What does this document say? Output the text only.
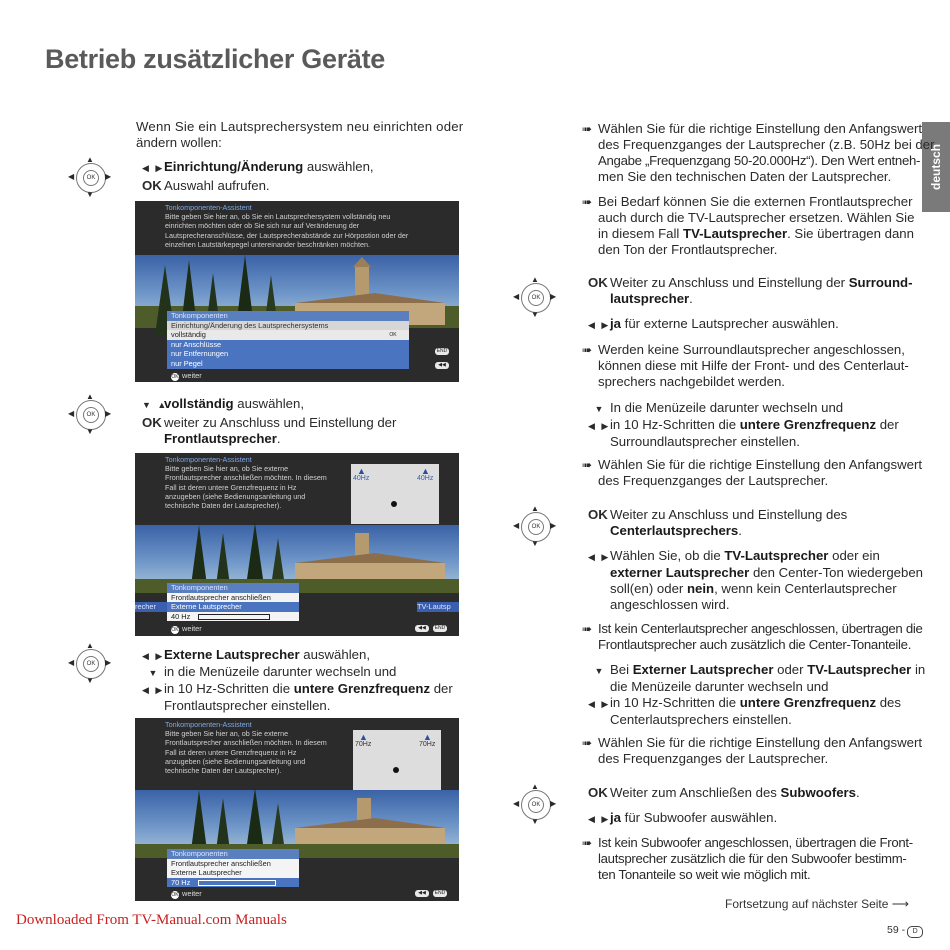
Betrieb zusätzlicher Geräte
deutsch
Wenn Sie ein Lautsprechersystem neu einrichten oder
ändern wollen:
OK
▲
▼
◀	▶
◀ ▶Einrichtung/Änderung auswählen,
OK Auswahl aufrufen.
Tonkomponenten-Assistent
Bitte geben Sie hier an, ob Sie ein Lautsprechersystem vollständig neu
einrichten möchten oder ob Sie sich nur auf Veränderung der
Lautsprecheranschlüsse, der Lautsprecherabstände zur Hörpostion oder der
einzelnen Lautstärkepegel untereinander beschränken möchten.
Tonkomponenten
Einrichtung/Änderung des Lautsprechersystems
vollständig
nur Anschlüsse
nur Entfernungen
nur Pegel
OK
END
◀◀
OK weiter
OK
▲
▼
◀	▶
▼ ▲vollständig auswählen,
OK weiter zu Anschluss und Einstellung der
Frontlautsprecher.
Tonkomponenten-Assistent
Bitte geben Sie hier an, ob Sie externe
Frontlautsprecher anschließen möchten. In diesem
Fall ist deren untere Grenzfrequenz in Hz
anzugeben (siehe Bedienungsanleitung und
technische Daten der Lautsprecher).
▲	▲
40Hz	40Hz
Tonkomponenten
Frontlautsprecher anschließen
Externe Lautsprecher
40 Hz
recher	TV-Lautsp
◀◀	END
OK weiter
OK
▲
▼
◀	▶
◀ ▶Externe Lautsprecher auswählen,
▼ in die Menüzeile darunter wechseln und
◀ ▶in 10 Hz-Schritten die untere Grenzfrequenz der
Frontlautsprecher einstellen.
Tonkomponenten-Assistent
Bitte geben Sie hier an, ob Sie externe
Frontlautsprecher anschließen möchten. In diesem
Fall ist deren untere Grenzfrequenz in Hz
anzugeben (siehe Bedienungsanleitung und
technische Daten der Lautsprecher).
▲	▲
70Hz	70Hz
Tonkomponenten
Frontlautsprecher anschließen
Externe Lautsprecher
70 Hz
◀◀	END
OK weiter
➠ Wählen Sie für die richtige Einstellung den Anfangswert
des Frequenzganges der Lautsprecher (z.B. 50Hz bei der
Angabe „Frequenzgang 50-20.000Hz“). Den Wert entneh-
men Sie den technischen Daten der Lautsprecher.
➠ Bei Bedarf können Sie die externen Frontlautsprecher
auch durch die TV-Lautsprecher ersetzen. Wählen Sie
in diesem Fall TV-Lautsprecher. Sie übertragen dann
den Ton der Frontlautsprecher.
OK
▲
▼
◀	▶
OK Weiter zu Anschluss und Einstellung der Surround-
lautsprecher.
◀ ▶ja für externe Lautsprecher auswählen.
➠ Werden keine Surroundlautsprecher angeschlossen,
können diese mit Hilfe der Front- und des Centerlaut-
sprechers nachgebildet werden.
▼ In die Menüzeile darunter wechseln und
◀ ▶in 10 Hz-Schritten die untere Grenzfrequenz der
Surroundlautsprecher einstellen.
➠ Wählen Sie für die richtige Einstellung den Anfangswert
des Frequenzganges der Lautsprecher.
OK
▲
▼
◀	▶
OK Weiter zu Anschluss und Einstellung des
Centerlautsprechers.
◀ ▶Wählen Sie, ob die TV-Lautsprecher oder ein
externer Lautsprecher den Center-Ton wiedergeben
soll(en) oder nein, wenn kein Centerlautsprecher
angeschlossen wird.
➠ Ist kein Centerlautsprecher angeschlossen, übertragen die
Frontlautsprecher auch zusätzlich die Center-Tonanteile.
▼ Bei Externer Lautsprecher oder TV-Lautsprecher in
die Menüzeile darunter wechseln und
◀ ▶in 10 Hz-Schritten die untere Grenzfrequenz des
Centerlautsprechers einstellen.
➠ Wählen Sie für die richtige Einstellung den Anfangswert
des Frequenzganges der Lautsprecher.
OK
▲
▼
◀	▶
OK Weiter zum Anschließen des Subwoofers.
◀ ▶ja für Subwoofer auswählen.
➠ Ist kein Subwoofer angeschlossen, übertragen die Front-
lautsprecher zusätzlich die für den Subwoofer bestimm-
ten Tonanteile so weit wie möglich mit.
Fortsetzung auf nächster Seite ⟶
Downloaded From TV-Manual.com Manuals
59 - D
